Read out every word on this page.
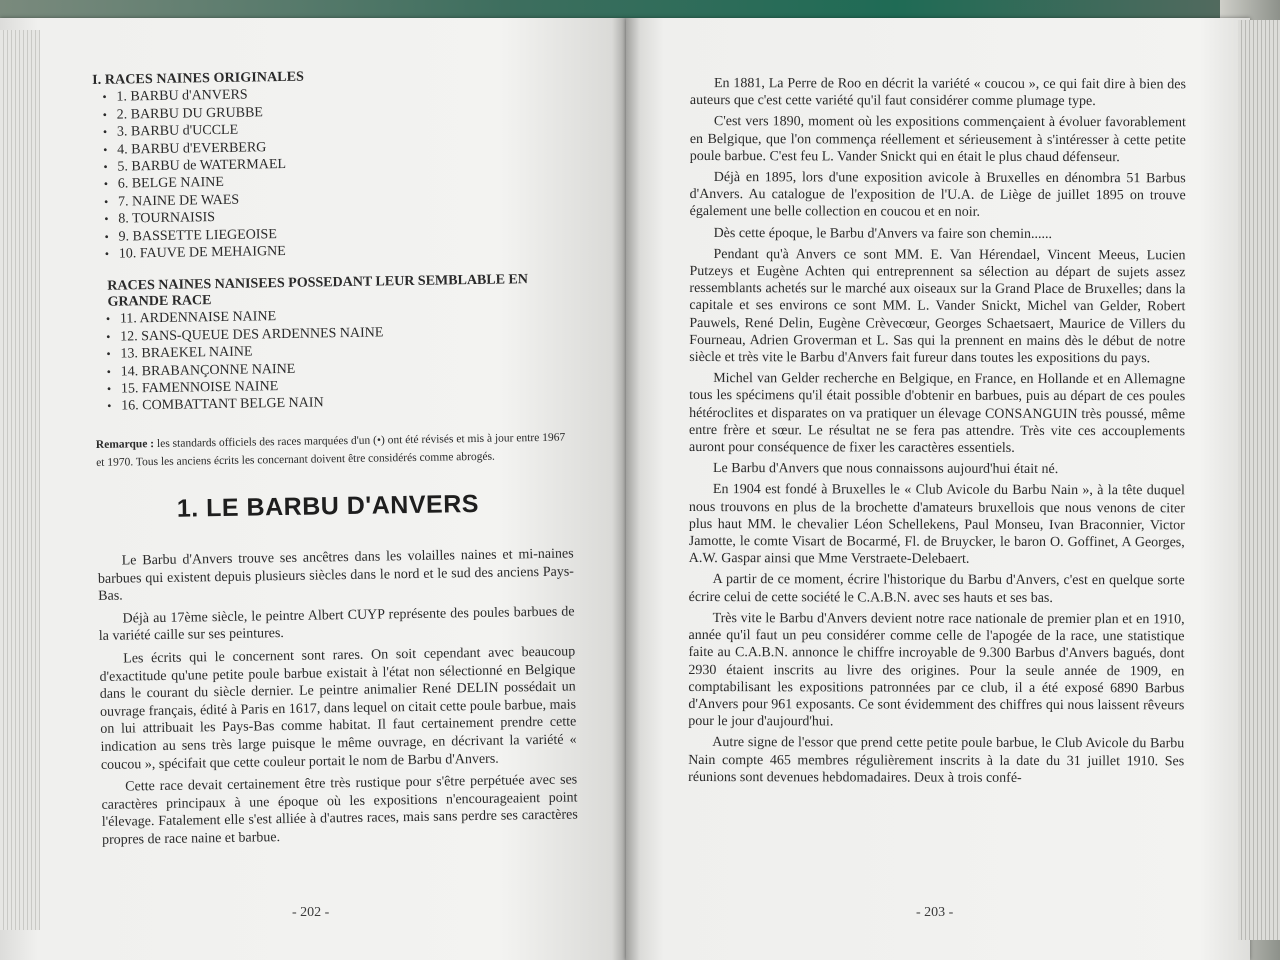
I. RACES NAINES ORIGINALES
• 1. BARBU d'ANVERS
• 2. BARBU DU GRUBBE
• 3. BARBU d'UCCLE
• 4. BARBU d'EVERBERG
• 5. BARBU de WATERMAEL
• 6. BELGE NAINE
• 7. NAINE DE WAES
• 8. TOURNAISIS
• 9. BASSETTE LIEGEOISE
• 10. FAUVE DE MEHAIGNE
RACES NAINES NANISEES POSSEDANT LEUR SEMBLABLE EN GRANDE RACE
• 11. ARDENNAISE NAINE
• 12. SANS-QUEUE DES ARDENNES NAINE
• 13. BRAEKEL NAINE
• 14. BRABANÇONNE NAINE
• 15. FAMENNOISE NAINE
• 16. COMBATTANT BELGE NAIN
Remarque : les standards officiels des races marquées d'un (•) ont été révisés et mis à jour entre 1967 et 1970. Tous les anciens écrits les concernant doivent être considérés comme abrogés.
1. LE BARBU D'ANVERS

Le Barbu d'Anvers trouve ses ancêtres dans les volailles naines et mi-naines barbues qui existent depuis plusieurs siècles dans le nord et le sud des anciens Pays-Bas.

Déjà au 17ème siècle, le peintre Albert CUYP représente des poules barbues de la variété caille sur ses peintures.

Les écrits qui le concernent sont rares. On soit cependant avec beaucoup d'exactitude qu'une petite poule barbue existait à l'état non sélectionné en Belgique dans le courant du siècle dernier. Le peintre animalier René DELIN possédait un ouvrage français, édité à Paris en 1617, dans lequel on citait cette poule barbue, mais on lui attribuait les Pays-Bas comme habitat. Il faut certainement prendre cette indication au sens très large puisque le même ouvrage, en décrivant la variété « coucou », spécifait que cette couleur portait le nom de Barbu d'Anvers.

Cette race devait certainement être très rustique pour s'être perpétuée avec ses caractères principaux à une époque où les expositions n'encourageaient point l'élevage. Fatalement elle s'est alliée à d'autres races, mais sans perdre ses caractères propres de race naine et barbue.

En 1881, La Perre de Roo en décrit la variété « coucou », ce qui fait dire à bien des auteurs que c'est cette variété qu'il faut considérer comme plumage type.

C'est vers 1890, moment où les expositions commençaient à évoluer favorablement en Belgique, que l'on commença réellement et sérieusement à s'intéresser à cette petite poule barbue. C'est feu L. Vander Snickt qui en était le plus chaud défenseur.

Déjà en 1895, lors d'une exposition avicole à Bruxelles en dénombra 51 Barbus d'Anvers. Au catalogue de l'exposition de l'U.A. de Liège de juillet 1895 on trouve également une belle collection en coucou et en noir.

Dès cette époque, le Barbu d'Anvers va faire son chemin......

Pendant qu'à Anvers ce sont MM. E. Van Hérendael, Vincent Meeus, Lucien Putzeys et Eugène Achten qui entreprennent sa sélection au départ de sujets assez ressemblants achetés sur le marché aux oiseaux sur la Grand Place de Bruxelles; dans la capitale et ses environs ce sont MM. L. Vander Snickt, Michel van Gelder, Robert Pauwels, René Delin, Eugène Crèvecœur, Georges Schaetsaert, Maurice de Villers du Fourneau, Adrien Groverman et L. Sas qui la prennent en mains dès le début de notre siècle et très vite le Barbu d'Anvers fait fureur dans toutes les expositions du pays.

Michel van Gelder recherche en Belgique, en France, en Hollande et en Allemagne tous les spécimens qu'il était possible d'obtenir en barbues, puis au départ de ces poules hétéroclites et disparates on va pratiquer un élevage CONSANGUIN très poussé, même entre frère et sœur. Le résultat ne se fera pas attendre. Très vite ces accouplements auront pour conséquence de fixer les caractères essentiels.

Le Barbu d'Anvers que nous connaissons aujourd'hui était né.

En 1904 est fondé à Bruxelles le « Club Avicole du Barbu Nain », à la tête duquel nous trouvons en plus de la brochette d'amateurs bruxellois que nous venons de citer plus haut MM. le chevalier Léon Schellekens, Paul Monseu, Ivan Braconnier, Victor Jamotte, le comte Visart de Bocarmé, Fl. de Bruycker, le baron O. Goffinet, A Georges, A.W. Gaspar ainsi que Mme Verstraete-Delebaert.

A partir de ce moment, écrire l'historique du Barbu d'Anvers, c'est en quelque sorte écrire celui de cette société le C.A.B.N. avec ses hauts et ses bas.

Très vite le Barbu d'Anvers devient notre race nationale de premier plan et en 1910, année qu'il faut un peu considérer comme celle de l'apogée de la race, une statistique faite au C.A.B.N. annonce le chiffre incroyable de 9.300 Barbus d'Anvers bagués, dont 2930 étaient inscrits au livre des origines. Pour la seule année de 1909, en comptabilisant les expositions patronnées par ce club, il a été exposé 6890 Barbus d'Anvers pour 961 exposants. Ce sont évidemment des chiffres qui nous laissent rêveurs pour le jour d'aujourd'hui.

Autre signe de l'essor que prend cette petite poule barbue, le Club Avicole du Barbu Nain compte 465 membres régulièrement inscrits à la date du 31 juillet 1910. Ses réunions sont devenues hebdomadaires. Deux à trois confé-

- 202 -	- 203 -
